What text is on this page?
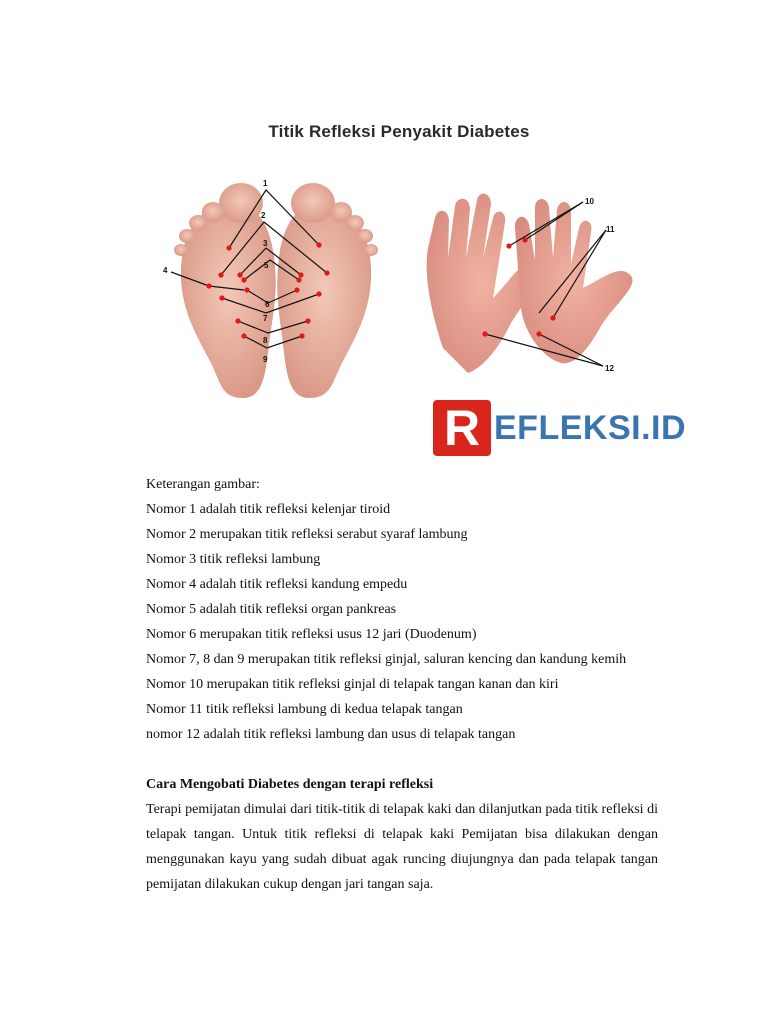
1
2
3
4
5
6
7
8
9
10
11
12
Titik Refleksi Penyakit Diabetes
R EFLEKSI.ID

Keterangan gambar:

Nomor 1 adalah titik refleksi kelenjar tiroid

Nomor 2 merupakan titik refleksi serabut syaraf lambung

Nomor 3 titik refleksi lambung

Nomor 4 adalah titik refleksi kandung empedu

Nomor 5 adalah titik refleksi organ pankreas

Nomor 6 merupakan titik refleksi usus 12 jari (Duodenum)

Nomor 7, 8 dan 9 merupakan titik refleksi ginjal, saluran kencing dan kandung kemih

Nomor 10 merupakan titik refleksi ginjal di telapak tangan kanan dan kiri

Nomor 11 titik refleksi lambung di kedua telapak tangan

nomor 12 adalah titik refleksi lambung dan usus di telapak tangan

Cara Mengobati Diabetes dengan terapi refleksi

Terapi pemijatan dimulai dari titik-titik di telapak kaki dan dilanjutkan pada titik refleksi di telapak tangan. Untuk titik refleksi di telapak kaki Pemijatan bisa dilakukan dengan menggunakan kayu yang sudah dibuat agak runcing diujungnya dan pada telapak tangan pemijatan dilakukan cukup dengan jari tangan saja.
